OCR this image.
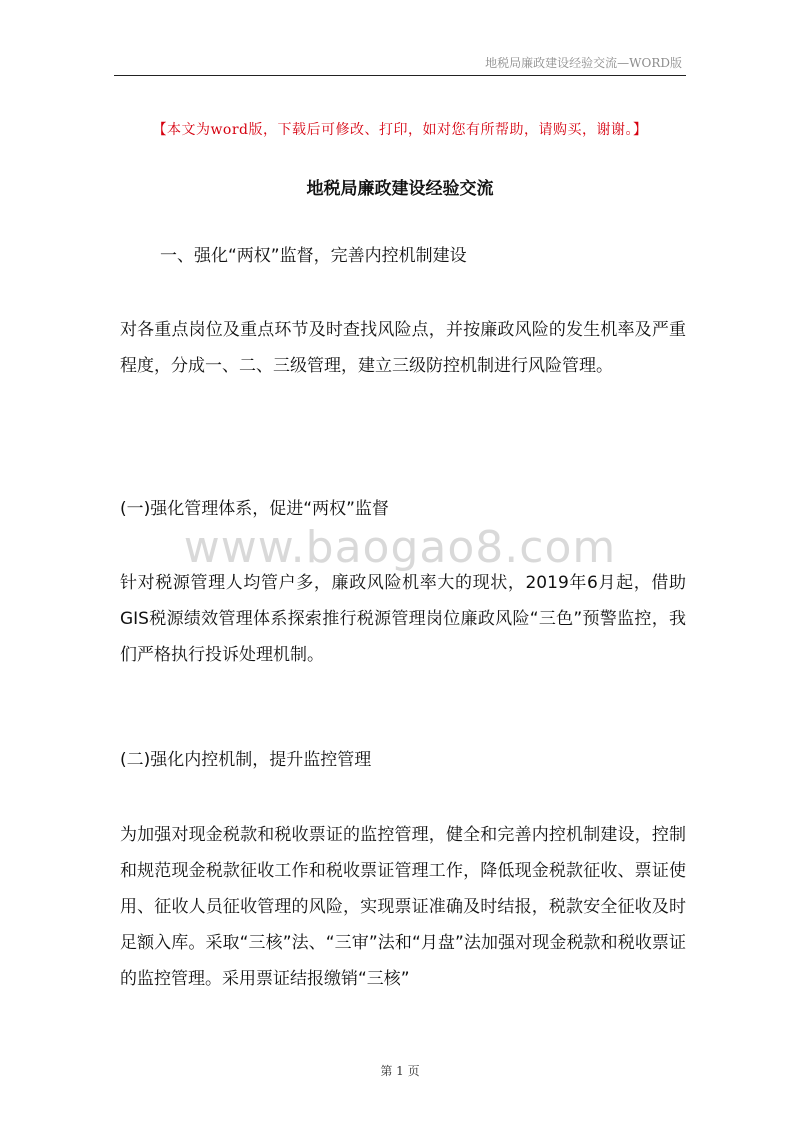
地税局廉政建设经验交流—WORD版
【本文为word版，下载后可修改、打印，如对您有所帮助，请购买，谢谢。】
地税局廉政建设经验交流
一、强化“两权”监督，完善内控机制建设

对各重点岗位及重点环节及时查找风险点，并按廉政风险的发生机率及严重程度，分成一、二、三级管理，建立三级防控机制进行风险管理。

(一)强化管理体系，促进“两权”监督
www.baogao8.com

针对税源管理人均管户多，廉政风险机率大的现状，2019年6月起，借助GIS税源绩效管理体系探索推行税源管理岗位廉政风险“三色”预警监控，我们严格执行投诉处理机制。

(二)强化内控机制，提升监控管理

为加强对现金税款和税收票证的监控管理，健全和完善内控机制建设，控制和规范现金税款征收工作和税收票证管理工作，降低现金税款征收、票证使用、征收人员征收管理的风险，实现票证准确及时结报，税款安全征收及时足额入库。采取“三核”法、“三审”法和“月盘”法加强对现金税款和税收票证的监控管理。采用票证结报缴销“三核”

第 1 页
